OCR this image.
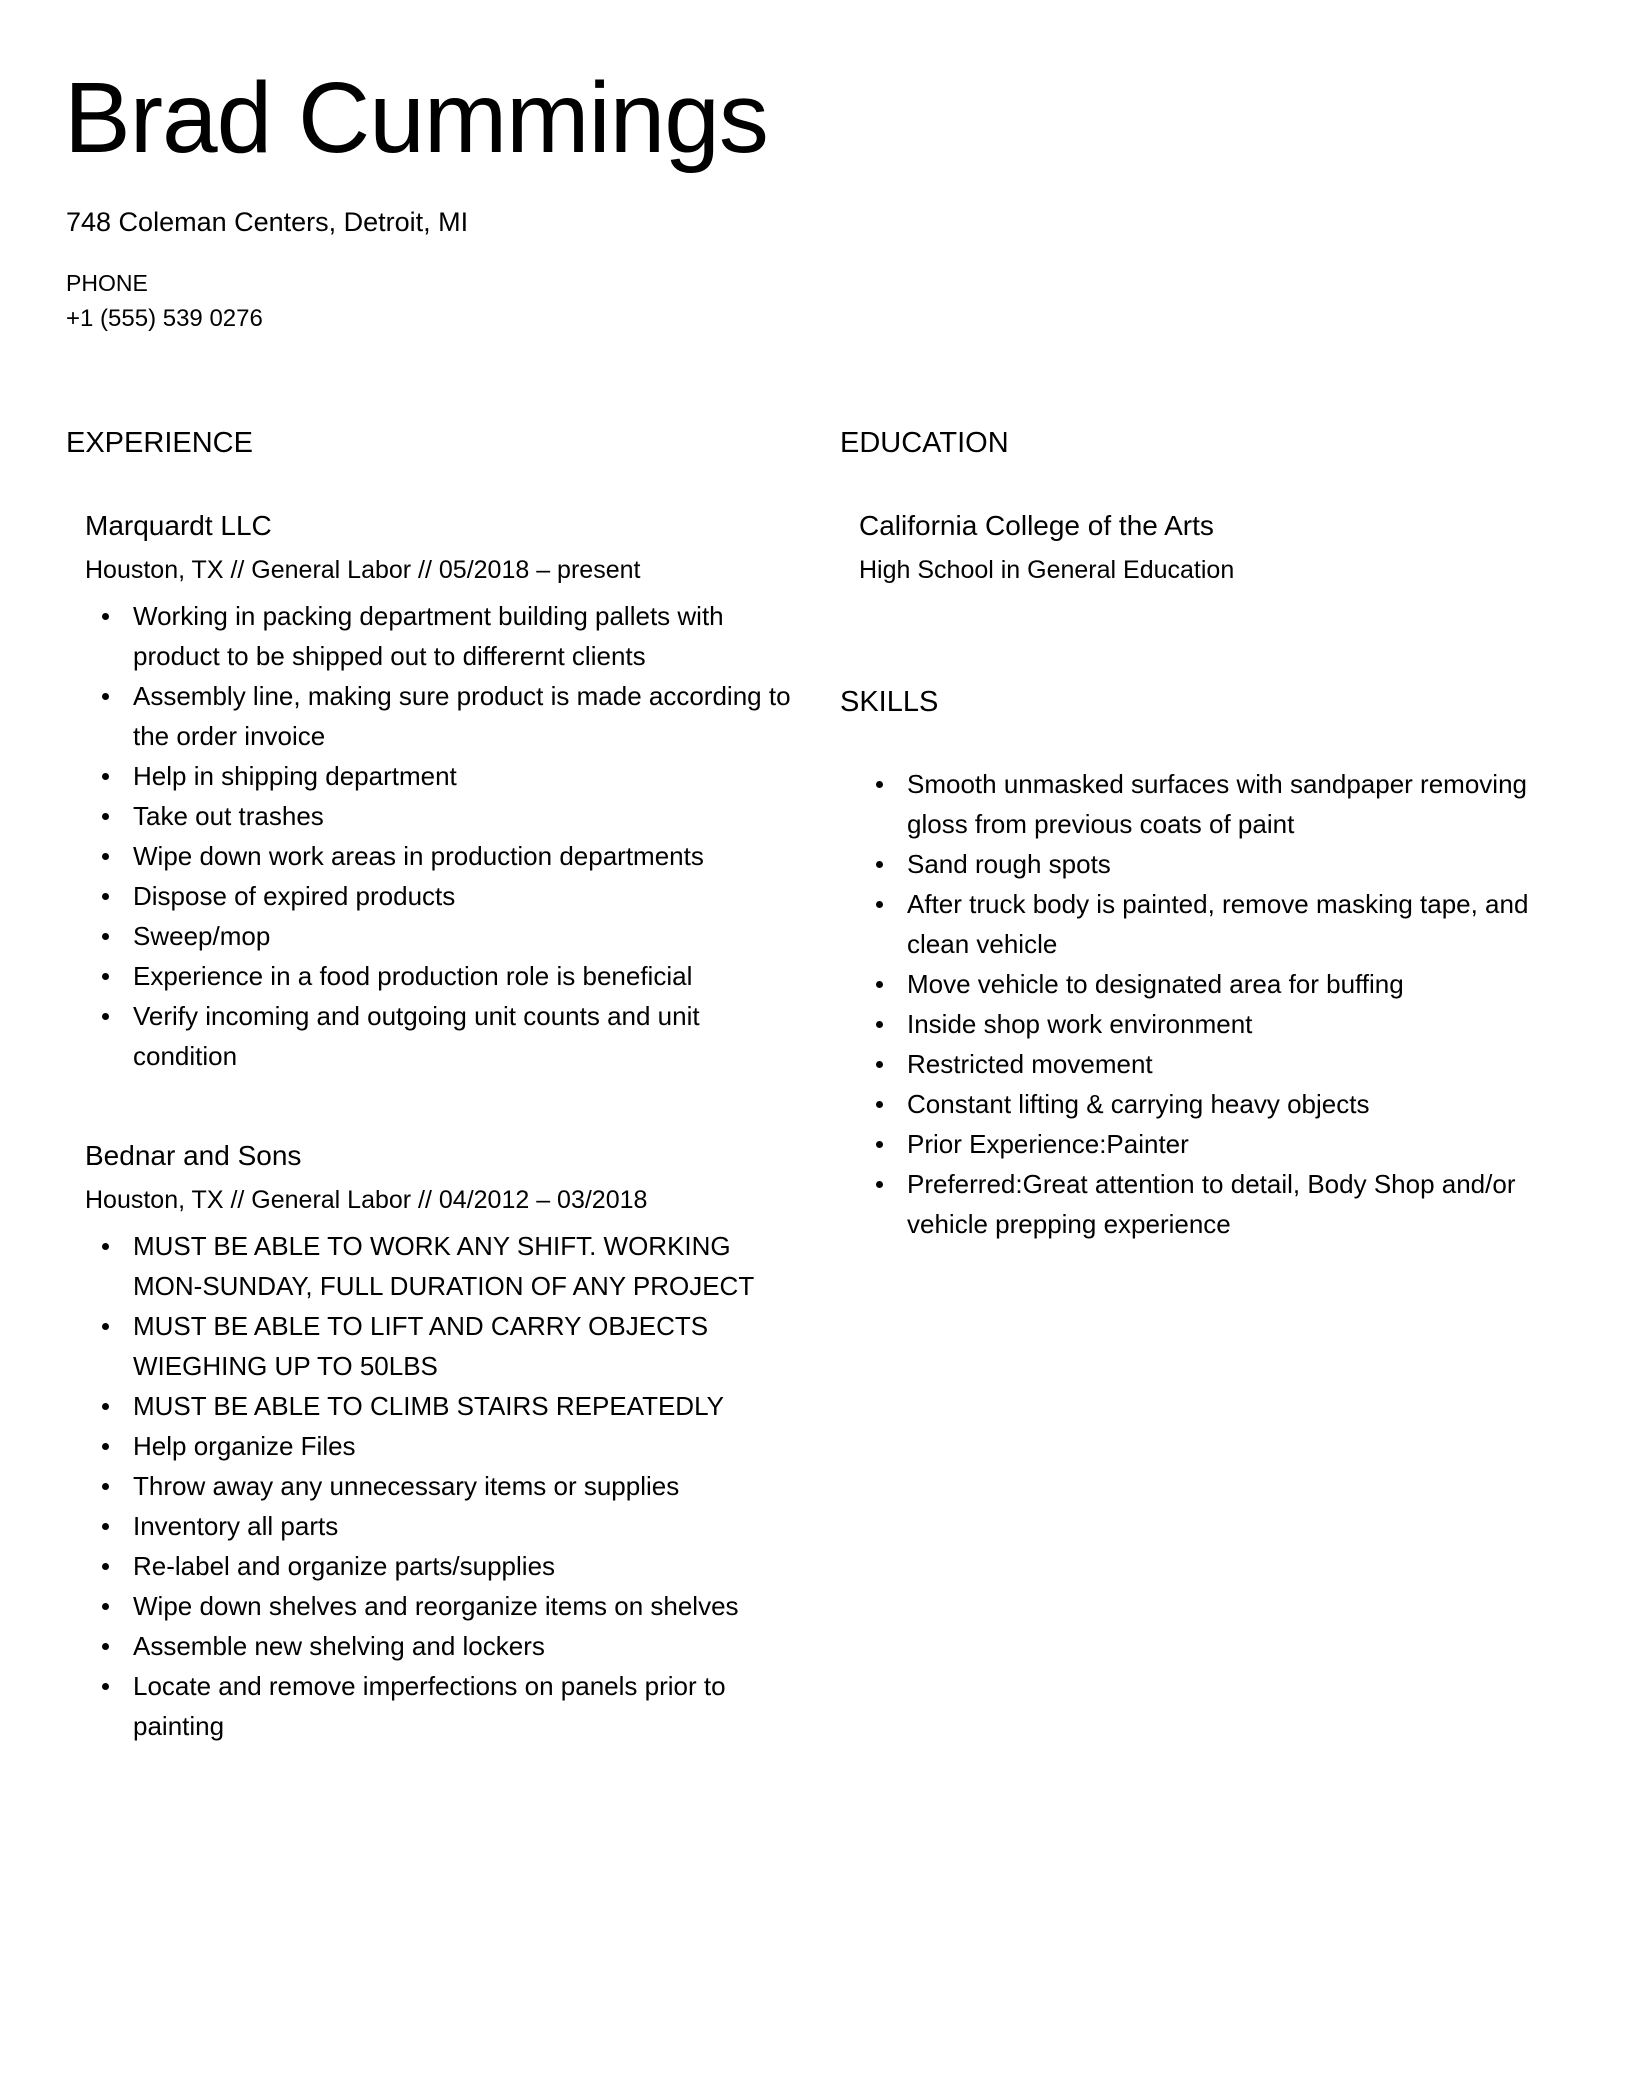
Brad Cummings
748 Coleman Centers, Detroit, MI
PHONE
+1 (555) 539 0276
EXPERIENCE
Marquardt LLC
Houston, TX // General Labor // 05/2018 – present
Working in packing department building pallets with product to be shipped out to differernt clients
Assembly line, making sure product is made according to the order invoice
Help in shipping department
Take out trashes
Wipe down work areas in production departments
Dispose of expired products
Sweep/mop
Experience in a food production role is beneficial
Verify incoming and outgoing unit counts and unit condition
Bednar and Sons
Houston, TX // General Labor // 04/2012 – 03/2018
MUST BE ABLE TO WORK ANY SHIFT. WORKING MON-SUNDAY, FULL DURATION OF ANY PROJECT
MUST BE ABLE TO LIFT AND CARRY OBJECTS WIEGHING UP TO 50LBS
MUST BE ABLE TO CLIMB STAIRS REPEATEDLY
Help organize Files
Throw away any unnecessary items or supplies
Inventory all parts
Re-label and organize parts/supplies
Wipe down shelves and reorganize items on shelves
Assemble new shelving and lockers
Locate and remove imperfections on panels prior to painting
EDUCATION
California College of the Arts
High School in General Education
SKILLS
Smooth unmasked surfaces with sandpaper removing gloss from previous coats of paint
Sand rough spots
After truck body is painted, remove masking tape, and clean vehicle
Move vehicle to designated area for buffing
Inside shop work environment
Restricted movement
Constant lifting & carrying heavy objects
Prior Experience:Painter
Preferred:Great attention to detail, Body Shop and/or vehicle prepping experience
